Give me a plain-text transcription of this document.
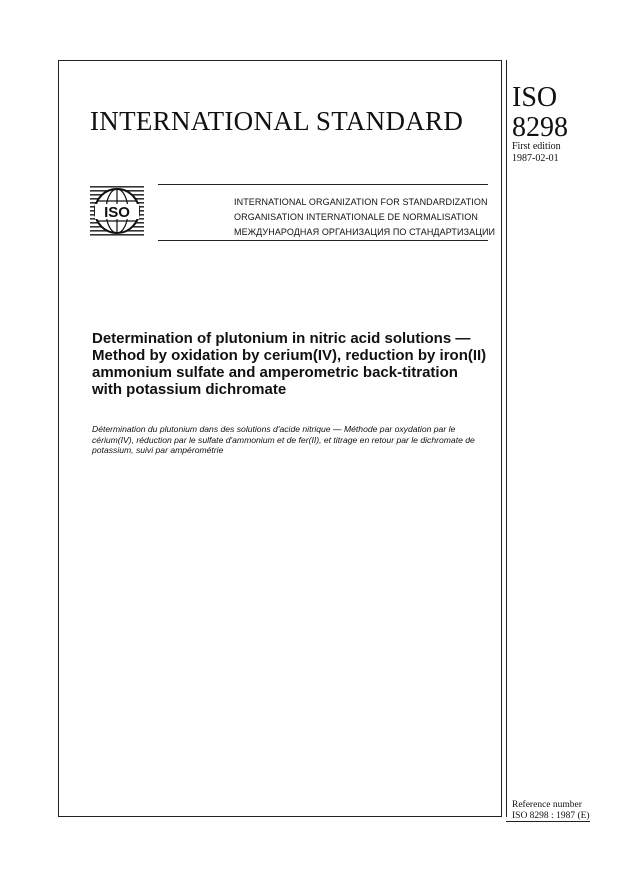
INTERNATIONAL STANDARD
ISO
8298
First edition
1987-02-01
ISO
INTERNATIONAL ORGANIZATION FOR STANDARDIZATION
ORGANISATION INTERNATIONALE DE NORMALISATION
МЕЖДУНАРОДНАЯ ОРГАНИЗАЦИЯ ПО СТАНДАРТИЗАЦИИ
Determination of plutonium in nitric acid solutions — Method by oxidation by cerium(IV), reduction by iron(II) ammonium sulfate and amperometric back-titration with potassium dichromate
Détermination du plutonium dans des solutions d'acide nitrique — Méthode par oxydation par le cérium(IV), réduction par le sulfate d'ammonium et de fer(II), et titrage en retour par le dichromate de potassium, suivi par ampérométrie
Reference number
ISO 8298 : 1987 (E)
